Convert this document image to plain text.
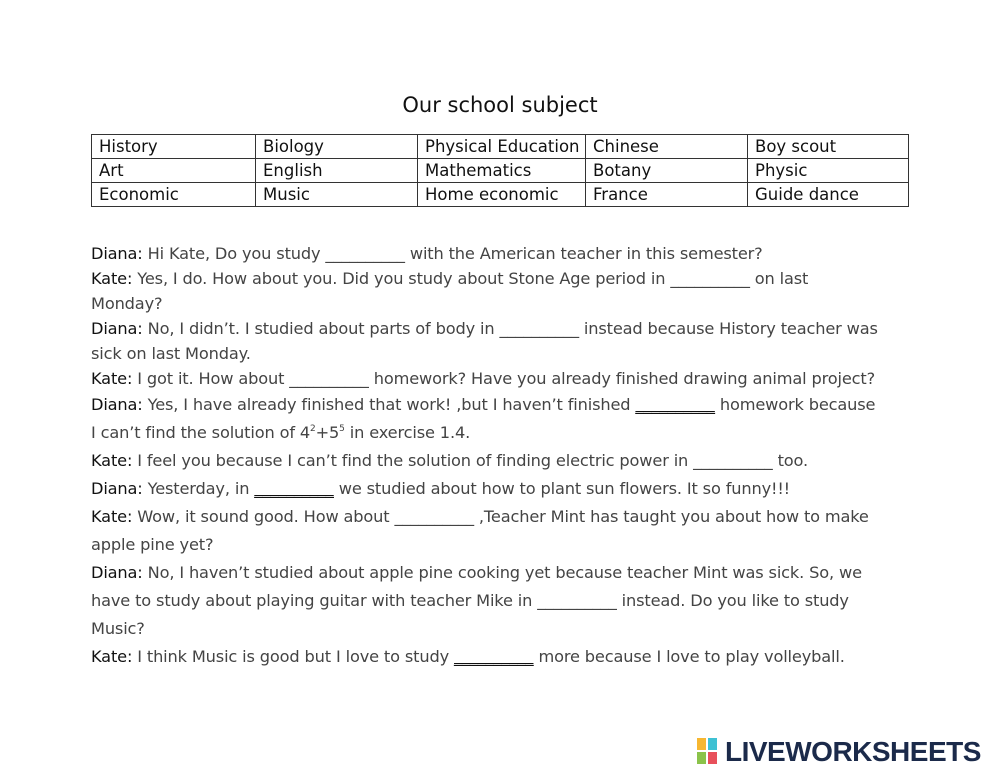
Our school subject
History	Biology	Physical Education	Chinese	Boy scout
Art	English	Mathematics	Botany	Physic
Economic	Music	Home economic	France	Guide dance
Diana: Hi Kate, Do you study __________ with the American teacher in this semester?
Kate: Yes, I do. How about you. Did you study about Stone Age period in __________ on last
Monday?
Diana: No, I didn’t. I studied about parts of body in __________ instead because History teacher was
sick on last Monday.
Kate: I got it. How about __________ homework? Have you already finished drawing animal project?
Diana: Yes, I have already finished that work! ,but I haven’t finished __________ homework because
I can’t find the solution of $4^2+5^5$ in exercise 1.4.
Kate: I feel you because I can’t find the solution of finding electric power in __________ too.
Diana: Yesterday, in __________ we studied about how to plant sun flowers. It so funny!!!
Kate: Wow, it sound good. How about __________ ,Teacher Mint has taught you about how to make
apple pine yet?
Diana: No, I haven’t studied about apple pine cooking yet because teacher Mint was sick. So, we
have to study about playing guitar with teacher Mike in __________ instead. Do you like to study
Music?
Kate: I think Music is good but I love to study __________ more because I love to play volleyball.
LIVEWORKSHEETS
